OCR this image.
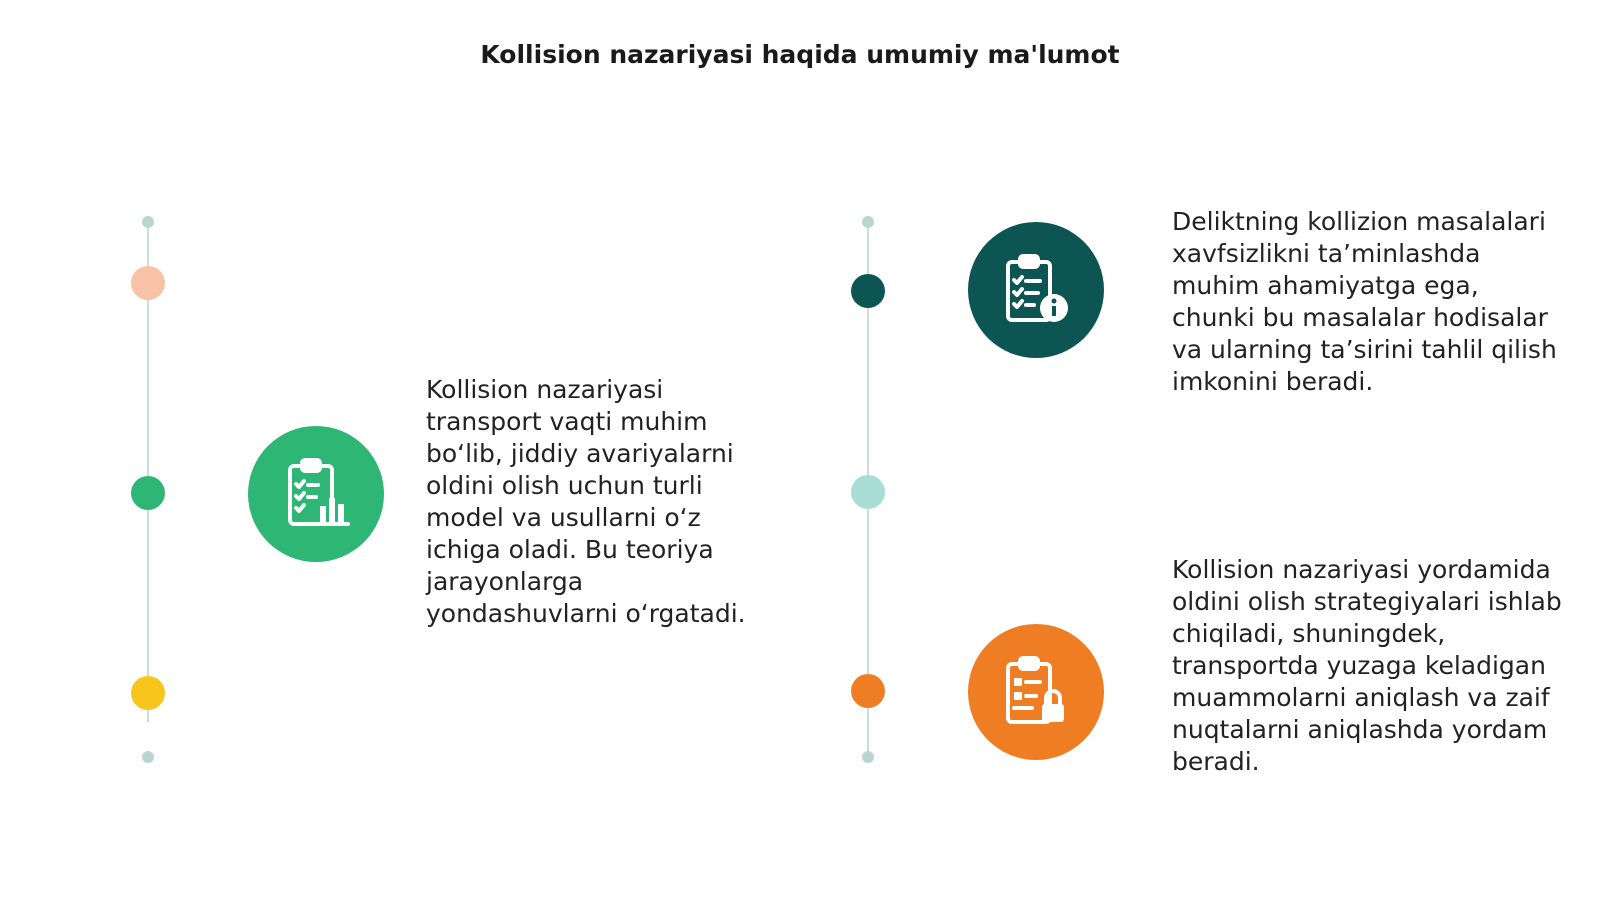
Kollision nazariyasi haqida umumiy ma'lumot
Kollision nazariyasi transport vaqti muhim bo‘lib, jiddiy avariyalarni oldini olish uchun turli model va usullarni o‘z ichiga oladi. Bu teoriya jarayonlarga yondashuvlarni o‘rgatadi.
Deliktning kollizion masalalari xavfsizlikni ta’minlashda muhim ahamiyatga ega, chunki bu masalalar hodisalar va ularning ta’sirini tahlil qilish imkonini beradi.
Kollision nazariyasi yordamida oldini olish strategiyalari ishlab chiqiladi, shuningdek, transportda yuzaga keladigan muammolarni aniqlash va zaif nuqtalarni aniqlashda yordam beradi.
